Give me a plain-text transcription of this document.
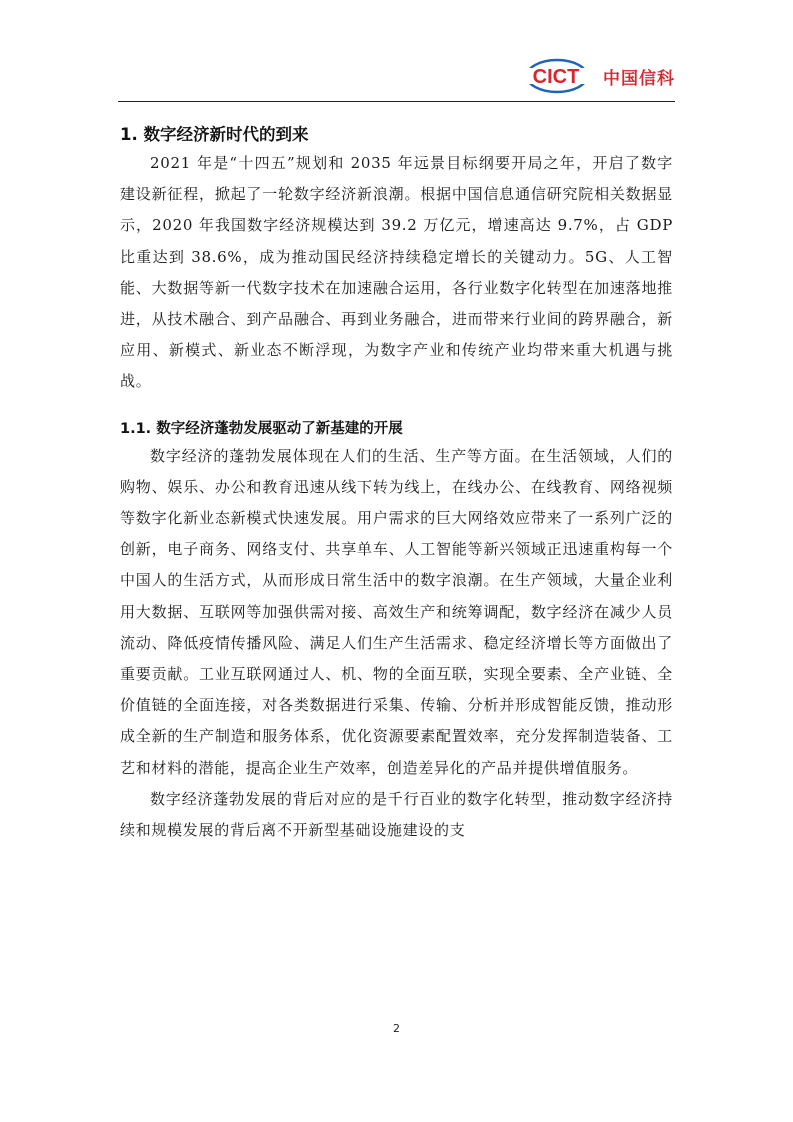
CICT 中国信科
1. 数字经济新时代的到来

2021 年是“十四五”规划和 2035 年远景目标纲要开局之年，开启了数字建设新征程，掀起了一轮数字经济新浪潮。根据中国信息通信研究院相关数据显示，2020 年我国数字经济规模达到 39.2 万亿元，增速高达 9.7%，占 GDP 比重达到 38.6%，成为推动国民经济持续稳定增长的关键动力。5G、人工智能、大数据等新一代数字技术在加速融合运用，各行业数字化转型在加速落地推进，从技术融合、到产品融合、再到业务融合，进而带来行业间的跨界融合，新应用、新模式、新业态不断浮现，为数字产业和传统产业均带来重大机遇与挑战。

1.1. 数字经济蓬勃发展驱动了新基建的开展

数字经济的蓬勃发展体现在人们的生活、生产等方面。在生活领域，人们的购物、娱乐、办公和教育迅速从线下转为线上，在线办公、在线教育、网络视频等数字化新业态新模式快速发展。用户需求的巨大网络效应带来了一系列广泛的创新，电子商务、网络支付、共享单车、人工智能等新兴领域正迅速重构每一个中国人的生活方式，从而形成日常生活中的数字浪潮。在生产领域，大量企业利用大数据、互联网等加强供需对接、高效生产和统筹调配，数字经济在减少人员流动、降低疫情传播风险、满足人们生产生活需求、稳定经济增长等方面做出了重要贡献。工业互联网通过人、机、物的全面互联，实现全要素、全产业链、全价值链的全面连接，对各类数据进行采集、传输、分析并形成智能反馈，推动形成全新的生产制造和服务体系，优化资源要素配置效率，充分发挥制造装备、工艺和材料的潜能，提高企业生产效率，创造差异化的产品并提供增值服务。

数字经济蓬勃发展的背后对应的是千行百业的数字化转型，推动数字经济持续和规模发展的背后离不开新型基础设施建设的支

2
